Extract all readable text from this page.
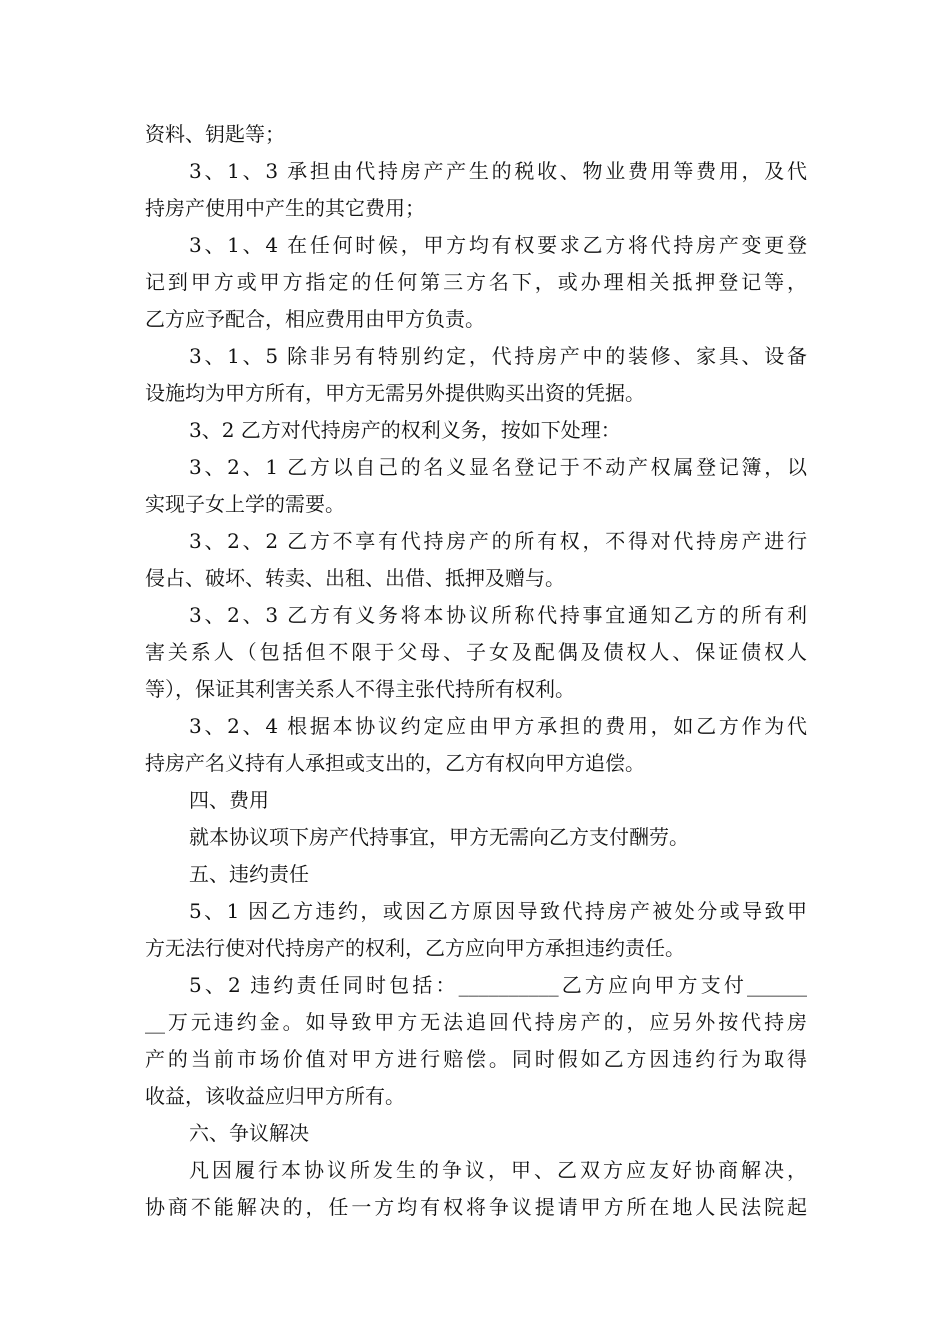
资料、钥匙等；
3、1、3 承担由代持房产产生的税收、物业费用等费用，及代
持房产使用中产生的其它费用；
3、1、4 在任何时候，甲方均有权要求乙方将代持房产变更登
记到甲方或甲方指定的任何第三方名下，或办理相关抵押登记等，
乙方应予配合，相应费用由甲方负责。
3、1、5 除非另有特别约定，代持房产中的装修、家具、设备
设施均为甲方所有，甲方无需另外提供购买出资的凭据。
3、2 乙方对代持房产的权利义务，按如下处理：
3、2、1 乙方以自己的名义显名登记于不动产权属登记簿，以
实现子女上学的需要。
3、2、2 乙方不享有代持房产的所有权，不得对代持房产进行
侵占、破坏、转卖、出租、出借、抵押及赠与。
3、2、3 乙方有义务将本协议所称代持事宜通知乙方的所有利
害关系人（包括但不限于父母、子女及配偶及债权人、保证债权人
等），保证其利害关系人不得主张代持所有权利。
3、2、4 根据本协议约定应由甲方承担的费用，如乙方作为代
持房产名义持有人承担或支出的，乙方有权向甲方追偿。
四、费用
就本协议项下房产代持事宜，甲方无需向乙方支付酬劳。
五、违约责任
5、1 因乙方违约，或因乙方原因导致代持房产被处分或导致甲
方无法行使对代持房产的权利，乙方应向甲方承担违约责任。
5、2 违约责任同时包括：__________乙方应向甲方支付______
__万元违约金。如导致甲方无法追回代持房产的，应另外按代持房
产的当前市场价值对甲方进行赔偿。同时假如乙方因违约行为取得
收益，该收益应归甲方所有。
六、争议解决
凡因履行本协议所发生的争议，甲、乙双方应友好协商解决，
协商不能解决的，任一方均有权将争议提请甲方所在地人民法院起
